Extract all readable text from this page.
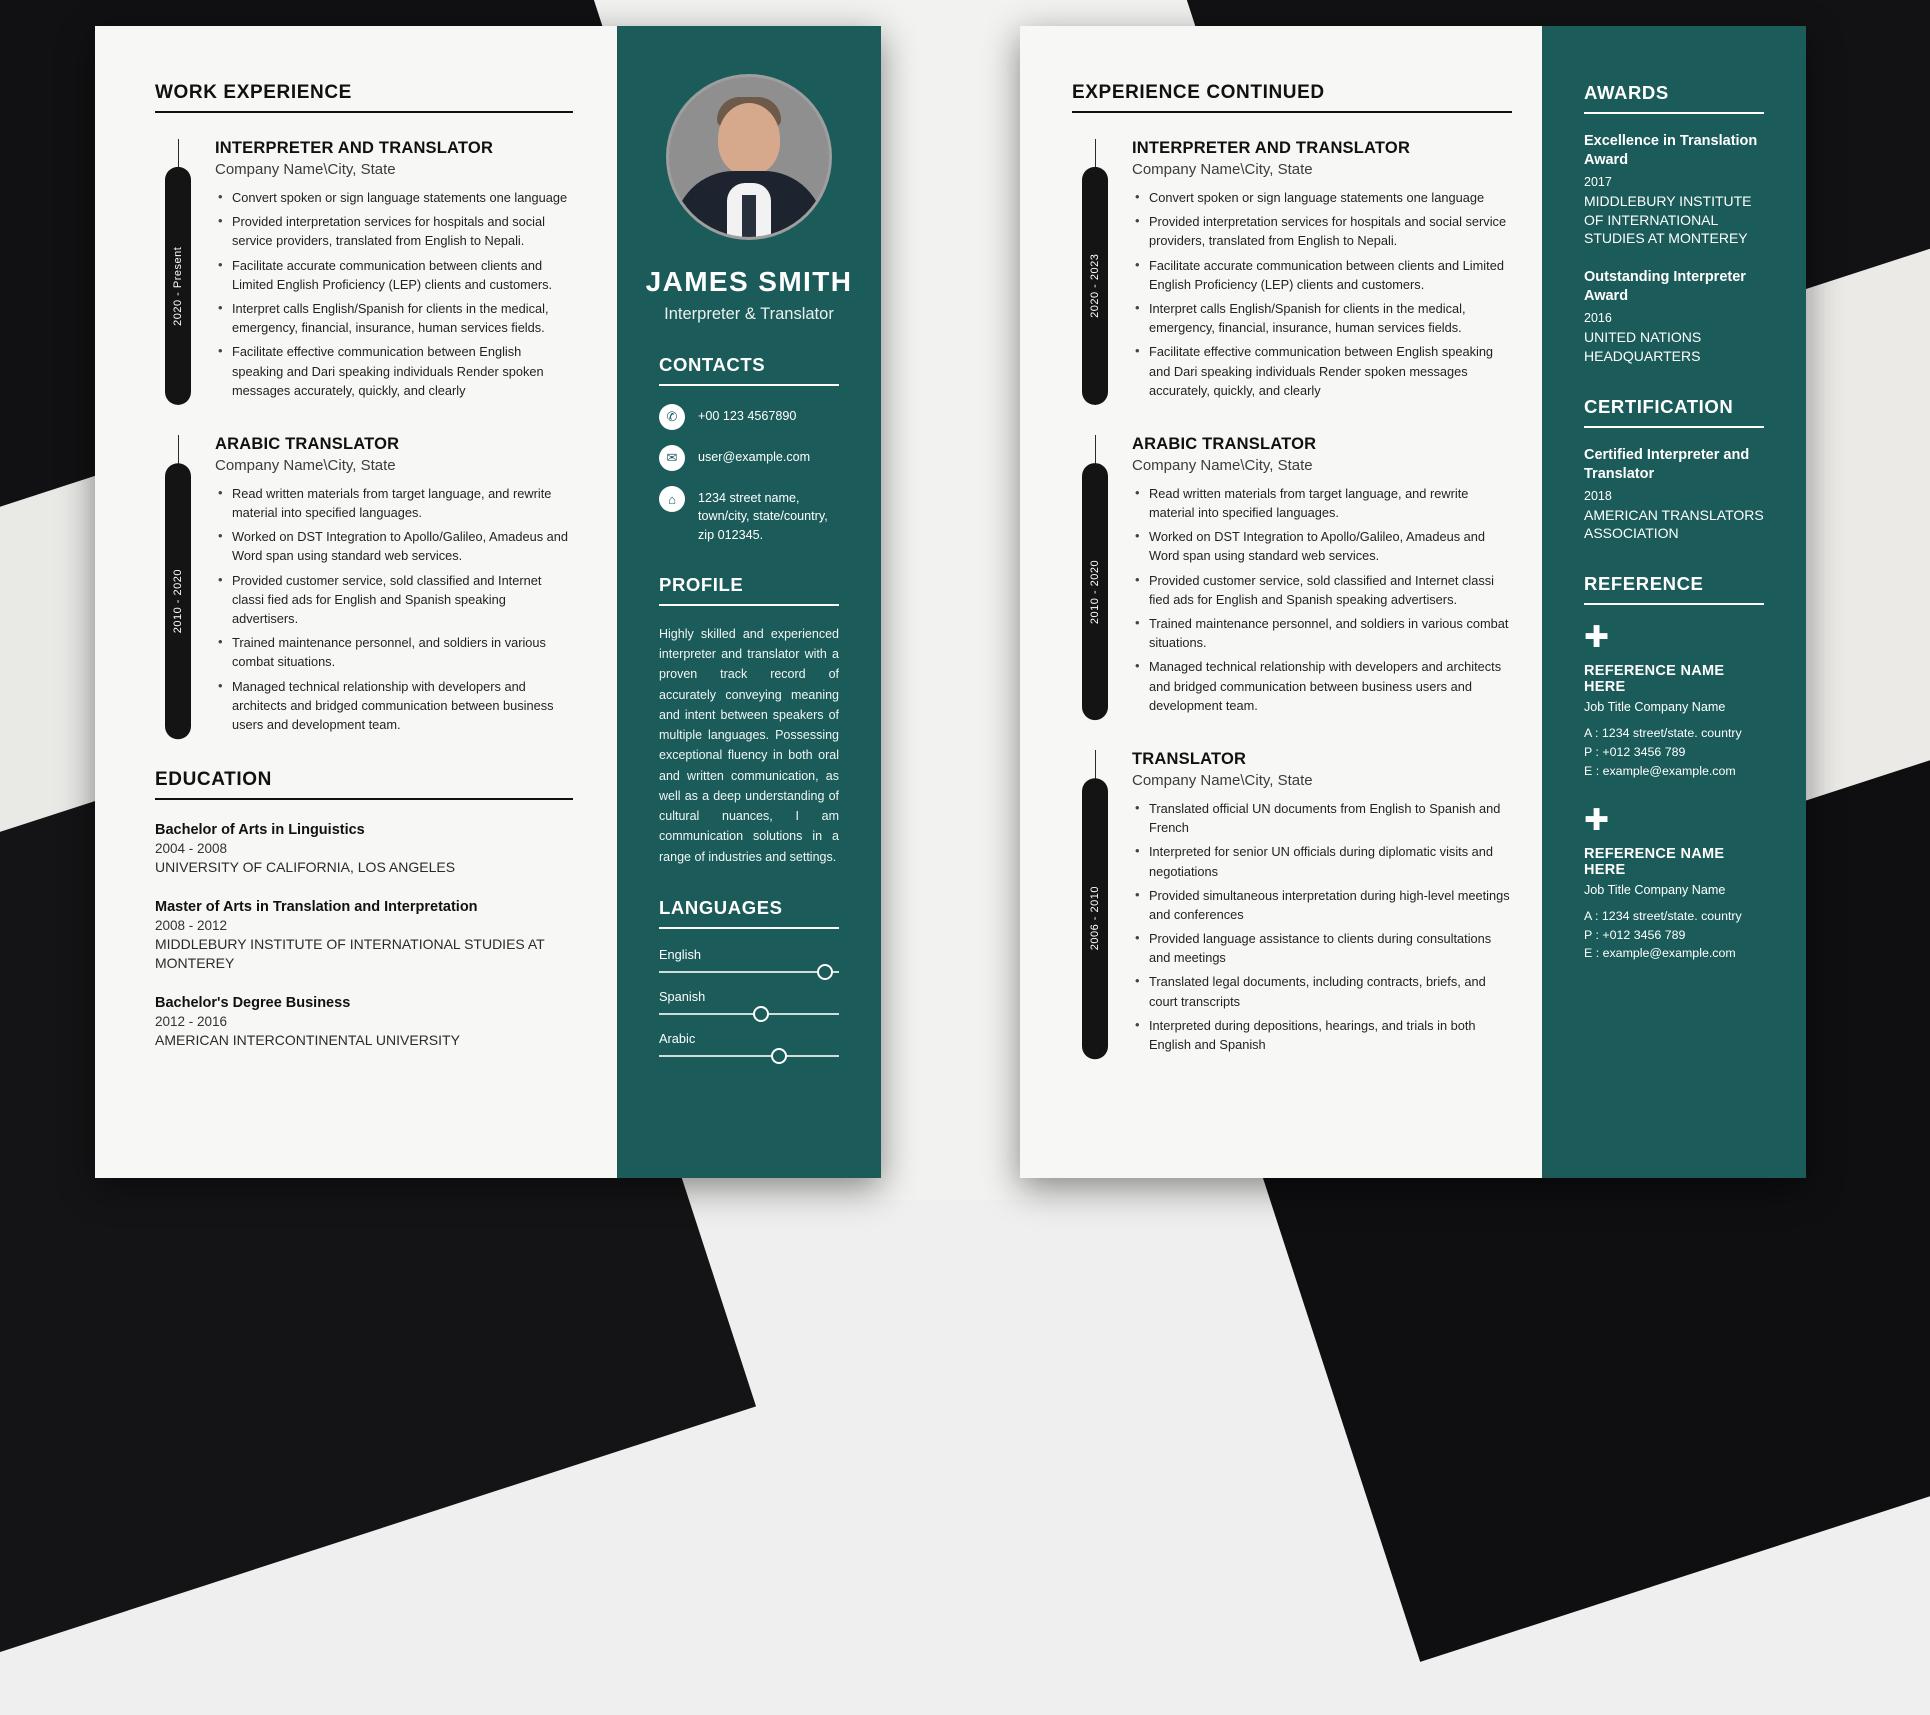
WORK EXPERIENCE
2020 - Present
INTERPRETER AND TRANSLATOR
Company Name\City, State
• Convert spoken or sign language statements one language
• Provided interpretation services for hospitals and social service providers, translated from English to Nepali.
• Facilitate accurate communication between clients and Limited English Proficiency (LEP) clients and customers.
• Interpret calls English/Spanish for clients in the medical, emergency, financial, insurance, human services fields.
• Facilitate effective communication between English speaking and Dari speaking individuals Render spoken messages accurately, quickly, and clearly
2010 - 2020
ARABIC TRANSLATOR
Company Name\City, State
• Read written materials from target language, and rewrite material into specified languages.
• Worked on DST Integration to Apollo/Galileo, Amadeus and Word span using standard web services.
• Provided customer service, sold classified and Internet classi fied ads for English and Spanish speaking advertisers.
• Trained maintenance personnel, and soldiers in various combat situations.
• Managed technical relationship with developers and architects and bridged communication between business users and development team.
EDUCATION
Bachelor of Arts in Linguistics
2004 - 2008
UNIVERSITY OF CALIFORNIA, LOS ANGELES
Master of Arts in Translation and Interpretation
2008 - 2012
MIDDLEBURY INSTITUTE OF INTERNATIONAL STUDIES AT MONTEREY
Bachelor's Degree Business
2012 - 2016
AMERICAN INTERCONTINENTAL UNIVERSITY
JAMES SMITH
Interpreter & Translator
CONTACTS
✆	+00 123 4567890
✉	user@example.com
⌂	1234 street name, town/city, state/country, zip 012345.
PROFILE
Highly skilled and experienced interpreter and translator with a proven track record of accurately conveying meaning and intent between speakers of multiple languages. Possessing exceptional fluency in both oral and written communication, as well as a deep understanding of cultural nuances, I am communication solutions in a range of industries and settings.
LANGUAGES
English
Spanish
Arabic
EXPERIENCE CONTINUED
2020 - 2023
INTERPRETER AND TRANSLATOR
Company Name\City, State
• Convert spoken or sign language statements one language
• Provided interpretation services for hospitals and social service providers, translated from English to Nepali.
• Facilitate accurate communication between clients and Limited English Proficiency (LEP) clients and customers.
• Interpret calls English/Spanish for clients in the medical, emergency, financial, insurance, human services fields.
• Facilitate effective communication between English speaking and Dari speaking individuals Render spoken messages accurately, quickly, and clearly
2010 - 2020
ARABIC TRANSLATOR
Company Name\City, State
• Read written materials from target language, and rewrite material into specified languages.
• Worked on DST Integration to Apollo/Galileo, Amadeus and Word span using standard web services.
• Provided customer service, sold classified and Internet classi fied ads for English and Spanish speaking advertisers.
• Trained maintenance personnel, and soldiers in various combat situations.
• Managed technical relationship with developers and architects and bridged communication between business users and development team.
2006 - 2010
TRANSLATOR
Company Name\City, State
• Translated official UN documents from English to Spanish and French
• Interpreted for senior UN officials during diplomatic visits and negotiations
• Provided simultaneous interpretation during high-level meetings and conferences
• Provided language assistance to clients during consultations and meetings
• Translated legal documents, including contracts, briefs, and court transcripts
• Interpreted during depositions, hearings, and trials in both English and Spanish
AWARDS
Excellence in Translation Award
2017
MIDDLEBURY INSTITUTE OF INTERNATIONAL STUDIES AT MONTEREY
Outstanding Interpreter Award
2016
UNITED NATIONS HEADQUARTERS
CERTIFICATION
Certified Interpreter and Translator
2018
AMERICAN TRANSLATORS ASSOCIATION
REFERENCE
✚️
REFERENCE NAME HERE
Job Title Company Name
A : 1234 street/state. country
P : +012 3456 789
E : example@example.com
✚️
REFERENCE NAME HERE
Job Title Company Name
A : 1234 street/state. country
P : +012 3456 789
E : example@example.com
